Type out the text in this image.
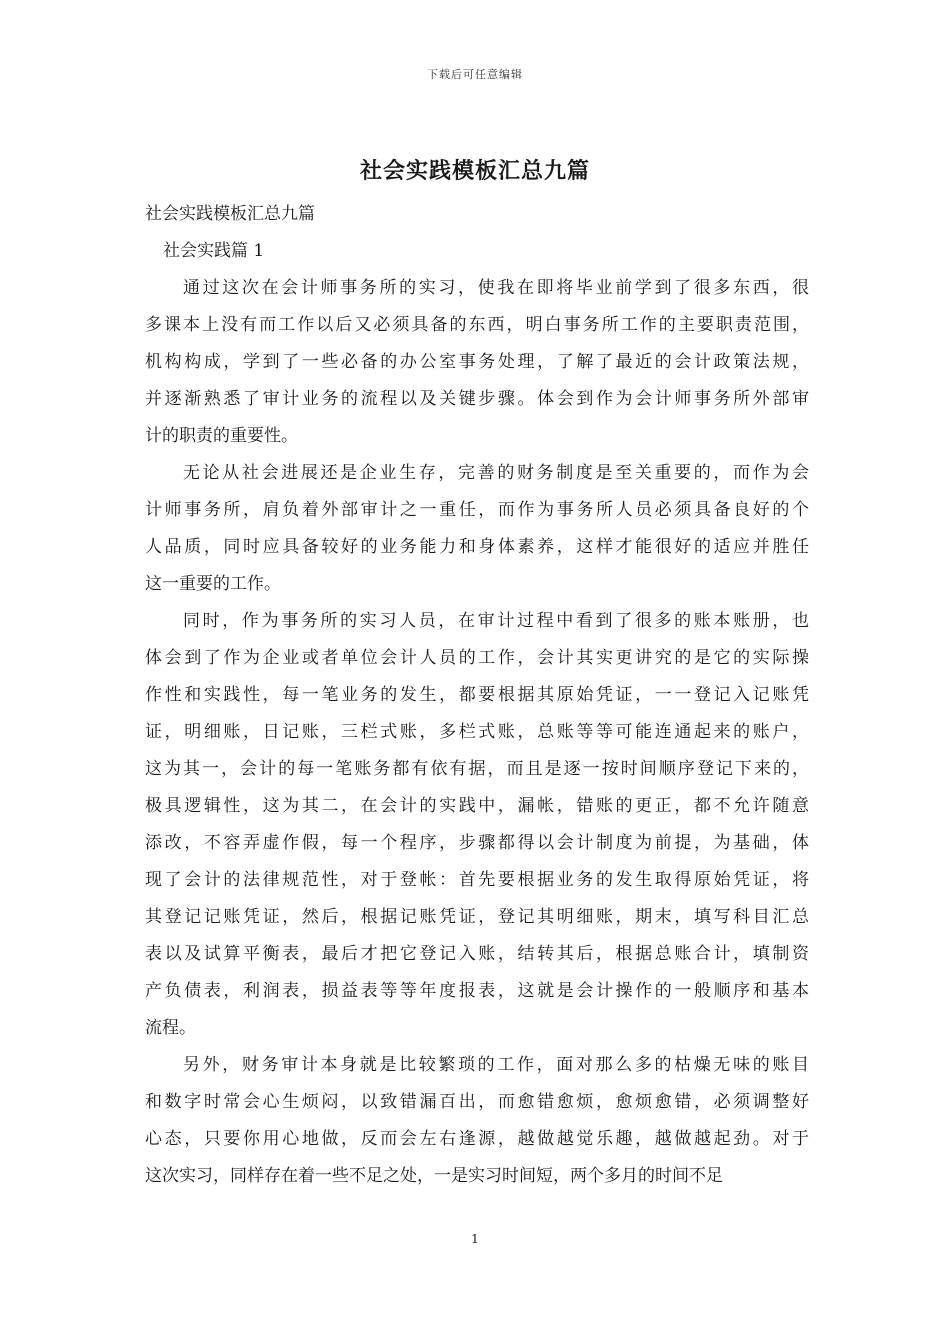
下载后可任意编辑
社会实践模板汇总九篇
社会实践模板汇总九篇
社会实践篇 1
通过这次在会计师事务所的实习，使我在即将毕业前学到了很多东西，很
多课本上没有而工作以后又必须具备的东西，明白事务所工作的主要职责范围，
机构构成，学到了一些必备的办公室事务处理，了解了最近的会计政策法规，
并逐渐熟悉了审计业务的流程以及关键步骤。体会到作为会计师事务所外部审
计的职责的重要性。
无论从社会进展还是企业生存，完善的财务制度是至关重要的，而作为会
计师事务所，肩负着外部审计之一重任，而作为事务所人员必须具备良好的个
人品质，同时应具备较好的业务能力和身体素养，这样才能很好的适应并胜任
这一重要的工作。
同时，作为事务所的实习人员，在审计过程中看到了很多的账本账册，也
体会到了作为企业或者单位会计人员的工作，会计其实更讲究的是它的实际操
作性和实践性，每一笔业务的发生，都要根据其原始凭证，一一登记入记账凭
证，明细账，日记账，三栏式账，多栏式账，总账等等可能连通起来的账户，
这为其一，会计的每一笔账务都有依有据，而且是逐一按时间顺序登记下来的，
极具逻辑性，这为其二，在会计的实践中，漏帐，错账的更正，都不允许随意
添改，不容弄虚作假，每一个程序，步骤都得以会计制度为前提，为基础，体
现了会计的法律规范性，对于登帐：首先要根据业务的发生取得原始凭证，将
其登记记账凭证，然后，根据记账凭证，登记其明细账，期末，填写科目汇总
表以及试算平衡表，最后才把它登记入账，结转其后，根据总账合计，填制资
产负债表，利润表，损益表等等年度报表，这就是会计操作的一般顺序和基本
流程。
另外，财务审计本身就是比较繁琐的工作，面对那么多的枯燥无味的账目
和数字时常会心生烦闷，以致错漏百出，而愈错愈烦，愈烦愈错，必须调整好
心态，只要你用心地做，反而会左右逢源，越做越觉乐趣，越做越起劲。对于
这次实习，同样存在着一些不足之处，一是实习时间短，两个多月的时间不足
1
